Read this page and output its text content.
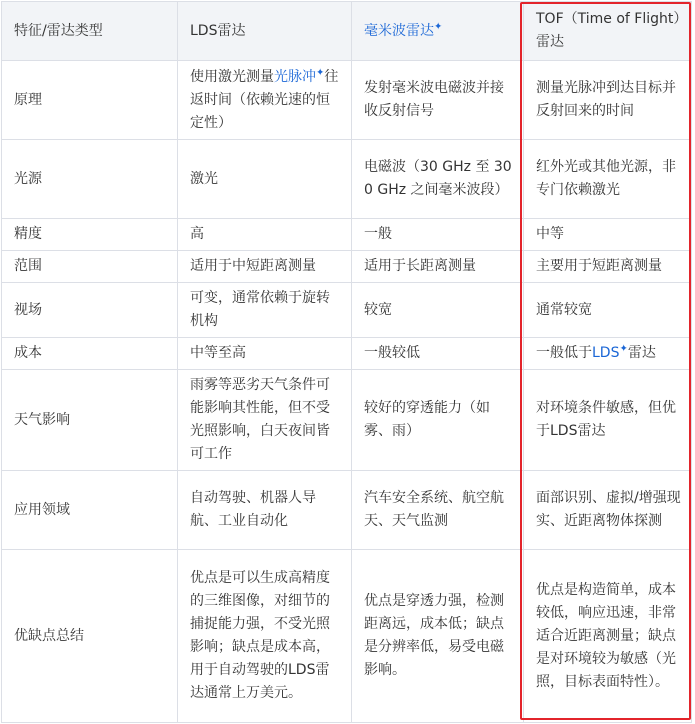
特征/雷达类型	LDS雷达	毫米波雷达✦	TOF（Time of Flight）雷达
原理	使用激光测量光脉冲✦往返时间（依赖光速的恒定性）	发射毫米波电磁波并接收反射信号	测量光脉冲到达目标并反射回来的时间
光源	激光	电磁波（30 GHz 至 300 GHz 之间毫米波段）	红外光或其他光源，非专门依赖激光
精度	高	一般	中等
范围	适用于中短距离测量	适用于长距离测量	主要用于短距离测量
视场	可变，通常依赖于旋转机构	较宽	通常较宽
成本	中等至高	一般较低	一般低于LDS✦雷达
天气影响	雨雾等恶劣天气条件可能影响其性能，但不受光照影响，白天夜间皆可工作	较好的穿透能力（如雾、雨）	对环境条件敏感，但优于LDS雷达
应用领域	自动驾驶、机器人导航、工业自动化	汽车安全系统、航空航天、天气监测	面部识别、虚拟/增强现实、近距离物体探测
优缺点总结	优点是可以生成高精度的三维图像，对细节的捕捉能力强，不受光照影响；缺点是成本高，用于自动驾驶的LDS雷达通常上万美元。	优点是穿透力强，检测距离远，成本低；缺点是分辨率低，易受电磁影响。	优点是构造简单，成本较低，响应迅速，非常适合近距离测量；缺点是对环境较为敏感（光照，目标表面特性）。
